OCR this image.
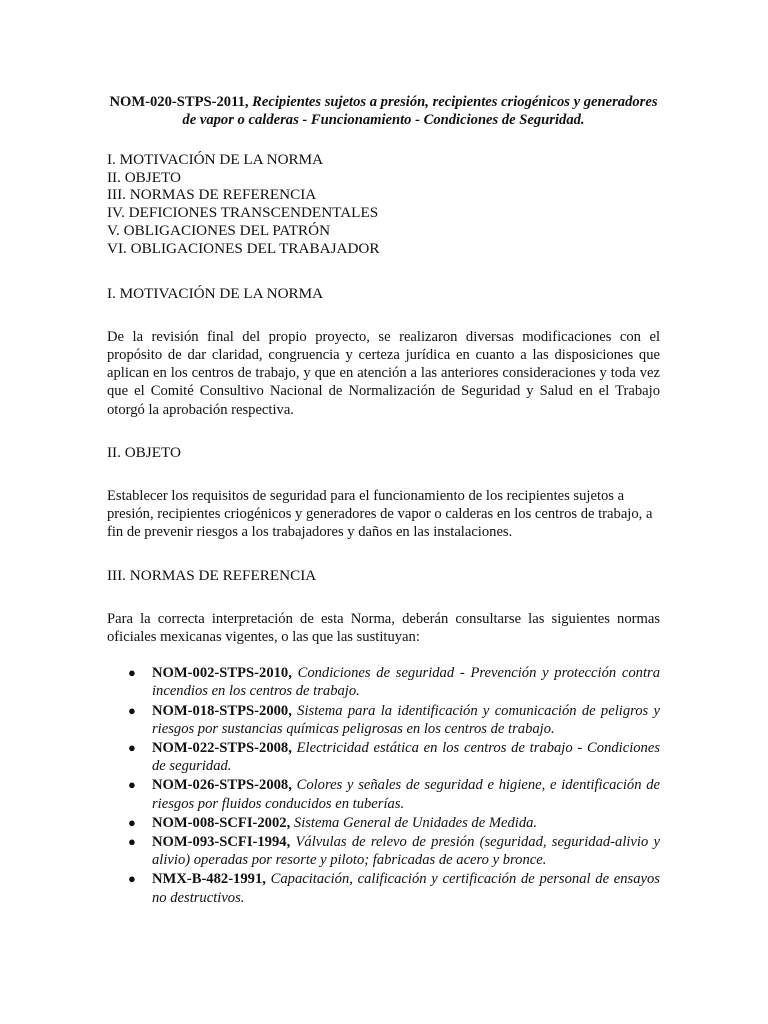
NOM-020-STPS-2011, Recipientes sujetos a presión, recipientes criogénicos y generadores de vapor o calderas - Funcionamiento - Condiciones de Seguridad.
I. MOTIVACIÓN DE LA NORMA
II. OBJETO
III. NORMAS DE REFERENCIA
IV. DEFICIONES TRANSCENDENTALES
V. OBLIGACIONES DEL PATRÓN
VI. OBLIGACIONES DEL TRABAJADOR
I. MOTIVACIÓN DE LA NORMA

De la revisión final del propio proyecto, se realizaron diversas modificaciones con el propósito de dar claridad, congruencia y certeza jurídica en cuanto a las disposiciones que aplican en los centros de trabajo, y que en atención a las anteriores consideraciones y toda vez que el Comité Consultivo Nacional de Normalización de Seguridad y Salud en el Trabajo otorgó la aprobación respectiva.

II. OBJETO

Establecer los requisitos de seguridad para el funcionamiento de los recipientes sujetos a presión, recipientes criogénicos y generadores de vapor o calderas en los centros de trabajo, a fin de prevenir riesgos a los trabajadores y daños en las instalaciones.

III. NORMAS DE REFERENCIA

Para la correcta interpretación de esta Norma, deberán consultarse las siguientes normas oficiales mexicanas vigentes, o las que las sustituyan:

● NOM-002-STPS-2010, Condiciones de seguridad - Prevención y protección contra incendios en los centros de trabajo.
● NOM-018-STPS-2000, Sistema para la identificación y comunicación de peligros y riesgos por sustancias químicas peligrosas en los centros de trabajo.
● NOM-022-STPS-2008, Electricidad estática en los centros de trabajo - Condiciones de seguridad.
● NOM-026-STPS-2008, Colores y señales de seguridad e higiene, e identificación de riesgos por fluidos conducidos en tuberías.
● NOM-008-SCFI-2002, Sistema General de Unidades de Medida.
● NOM-093-SCFI-1994, Válvulas de relevo de presión (seguridad, seguridad-alivio y alivio) operadas por resorte y piloto; fabricadas de acero y bronce.
● NMX-B-482-1991, Capacitación, calificación y certificación de personal de ensayos no destructivos.
